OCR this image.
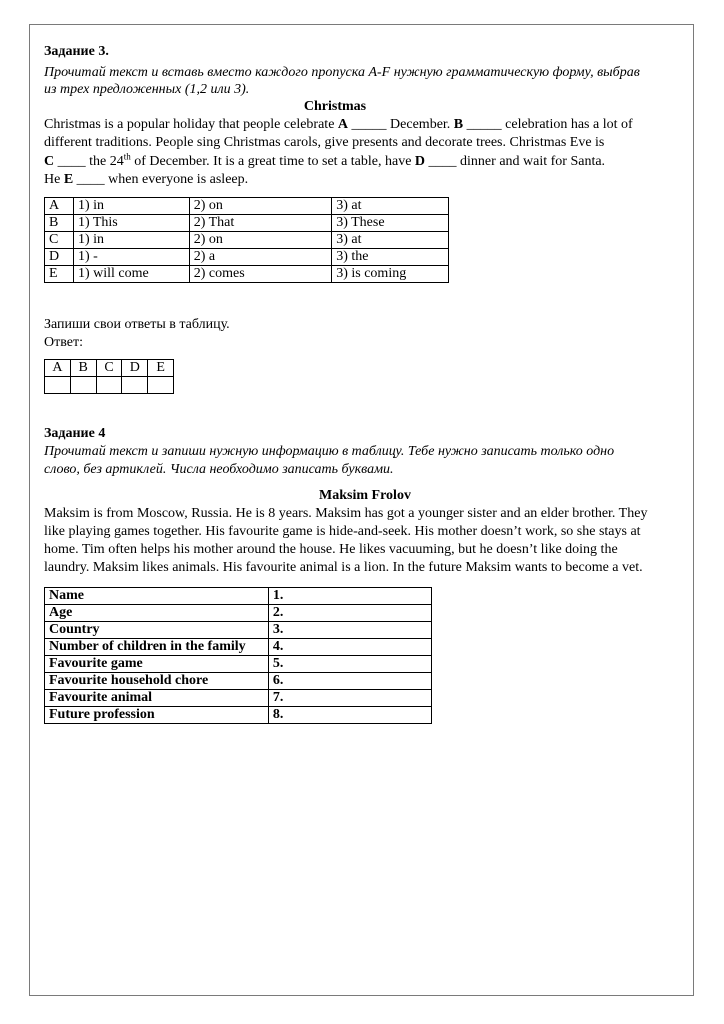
Задание 3.
Прочитай текст и вставь вместо каждого пропуска A-F нужную грамматическую форму, выбрав
из трех предложенных (1,2 или 3).
Christmas
Christmas is a popular holiday that people celebrate A _____ December. B _____ celebration has a lot of
different traditions. People sing Christmas carols, give presents and decorate trees. Christmas Eve is
C ____ the 24th of December. It is a great time to set a table, have D ____ dinner and wait for Santa.
He E ____ when everyone is asleep.
A	1) in	2) on	3) at
B	1) This	2) That	3) These
C	1) in	2) on	3) at
D	1) -	2) a	3) the
E	1) will come	2) comes	3) is coming
Запиши свои ответы в таблицу.
Ответ:
A	B	C	D	E

Задание 4
Прочитай текст и запиши нужную информацию в таблицу. Тебе нужно записать только одно
слово, без артиклей. Числа необходимо записать буквами.
Maksim Frolov
Maksim is from Moscow, Russia. He is 8 years. Maksim has got a younger sister and an elder brother. They
like playing games together. His favourite game is hide-and-seek. His mother doesn’t work, so she stays at
home. Tim often helps his mother around the house. He likes vacuuming, but he doesn’t like doing the
laundry. Maksim likes animals. His favourite animal is a lion. In the future Maksim wants to become a vet.
Name	1.
Age	2.
Country	3.
Number of children in the family	4.
Favourite game	5.
Favourite household chore	6.
Favourite animal	7.
Future profession	8.
